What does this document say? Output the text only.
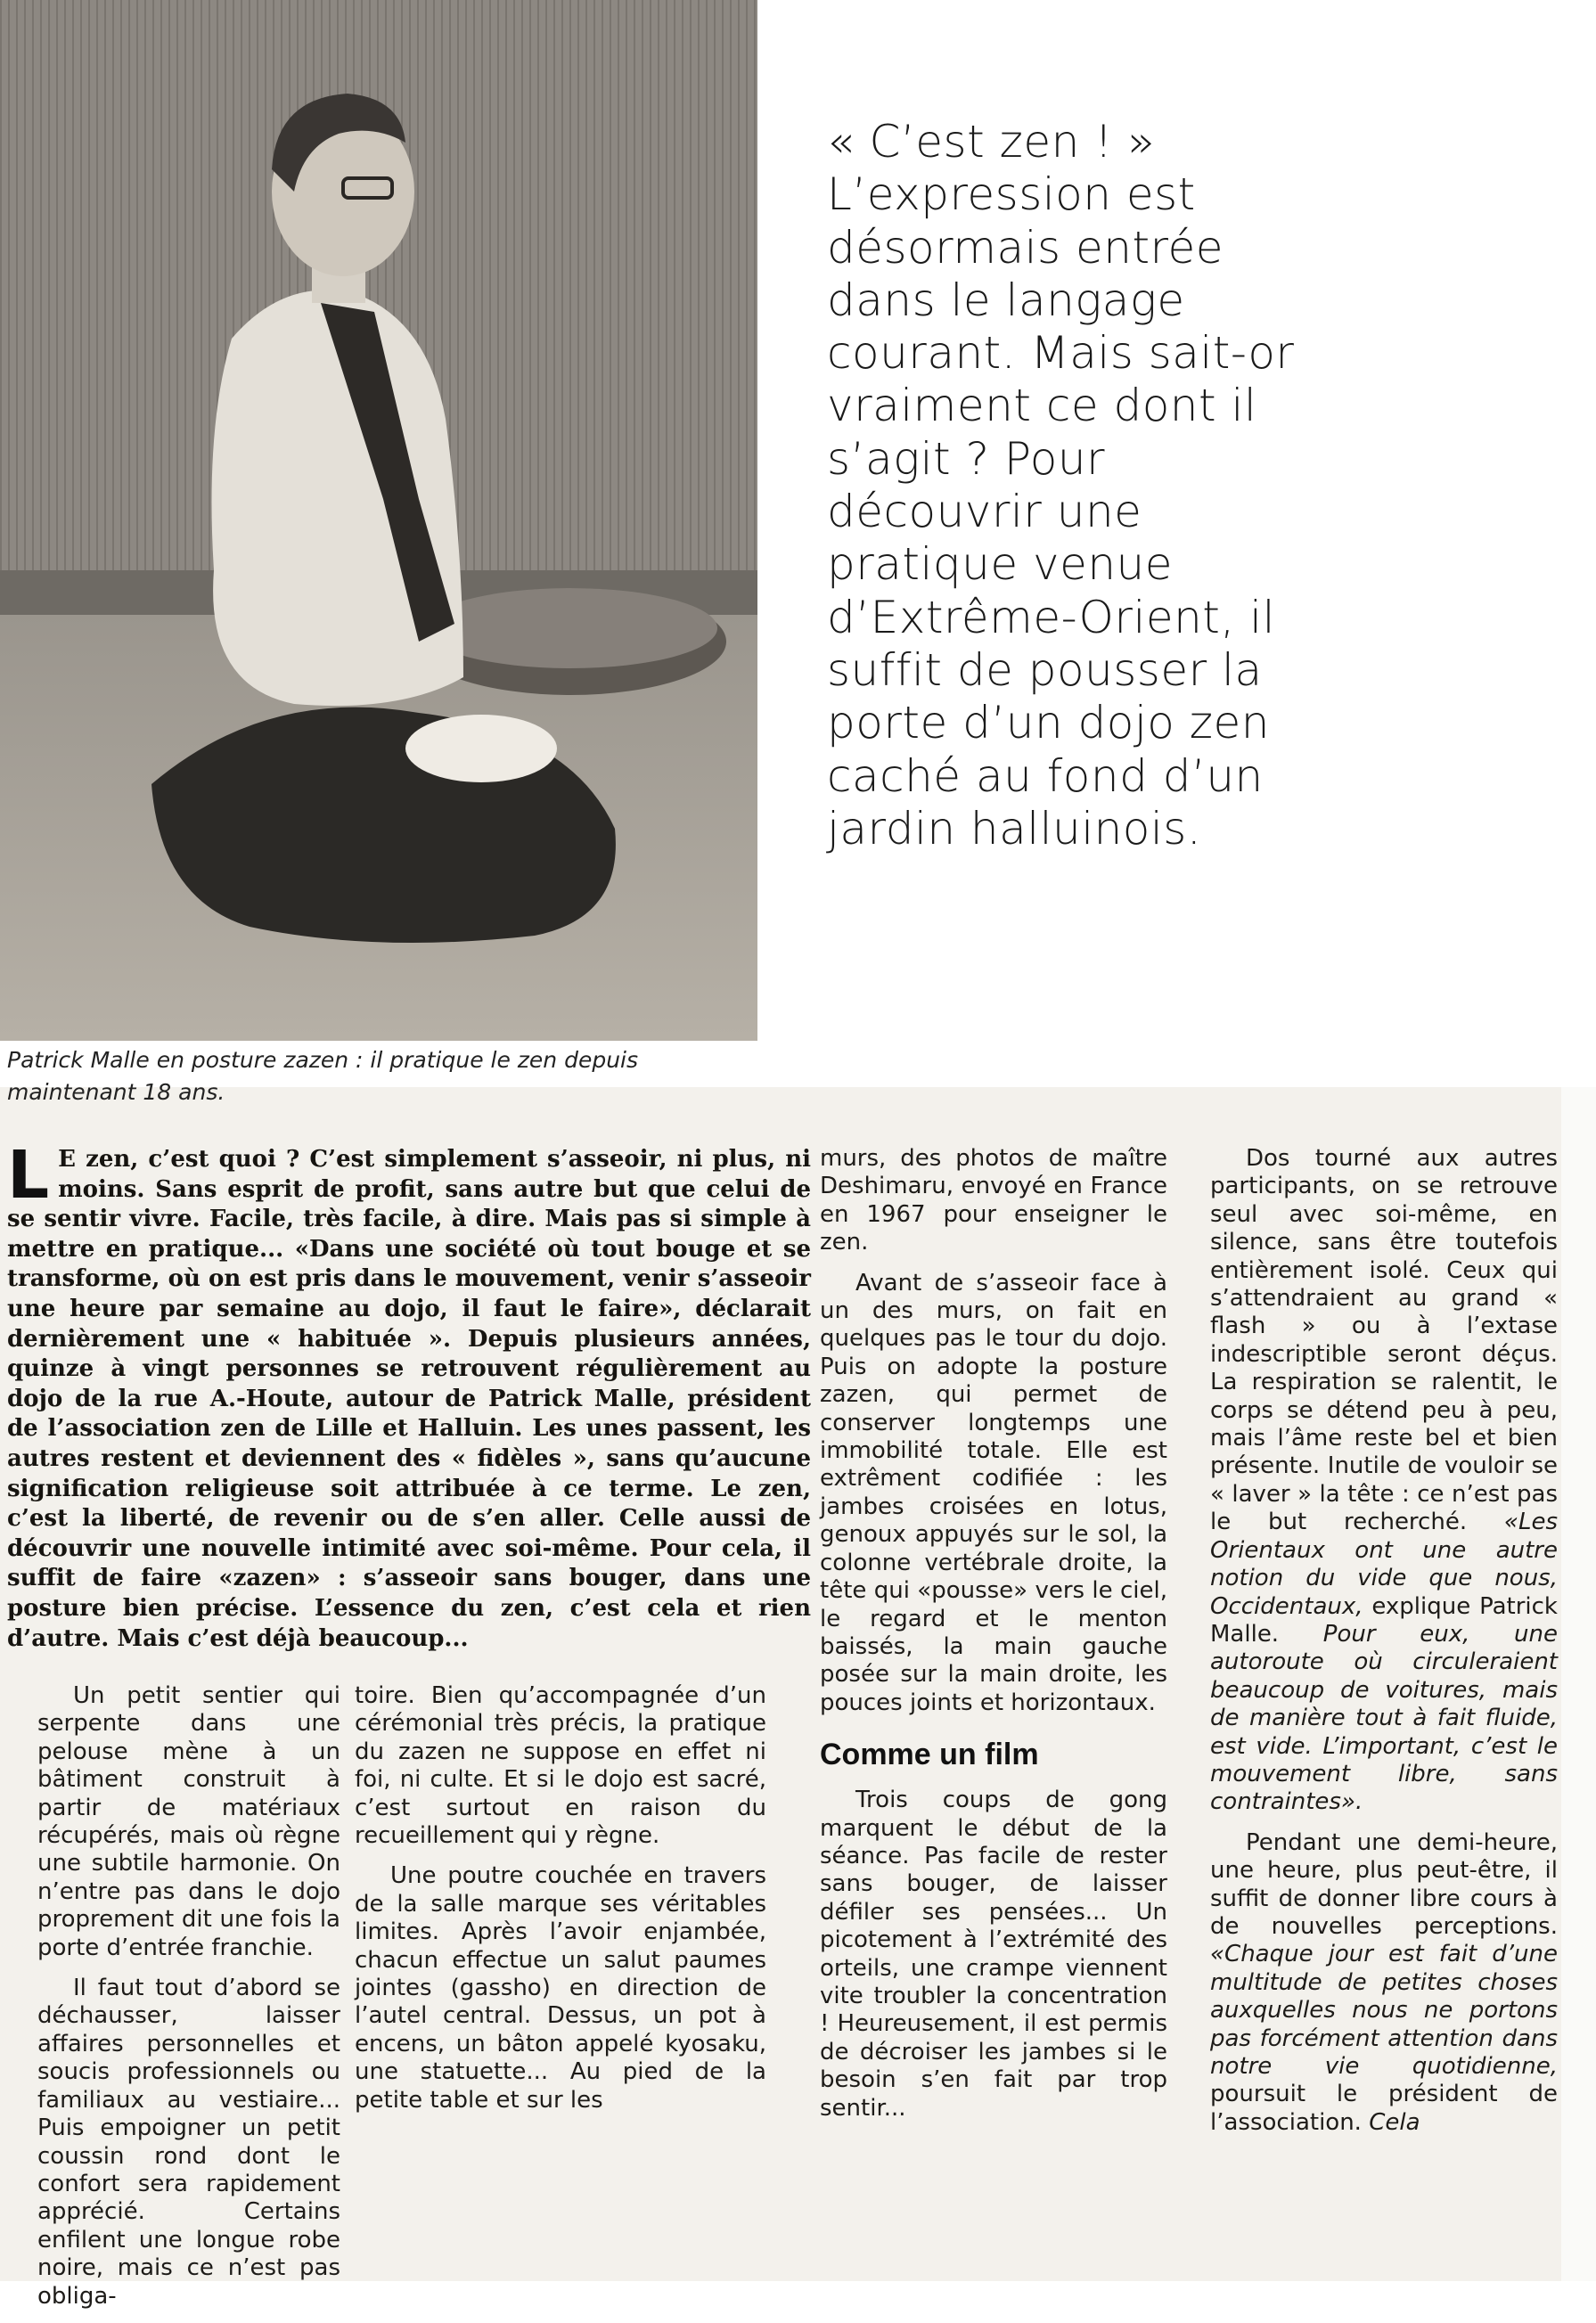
Patrick Malle en posture zazen : il pratique le zen depuis maintenant 18 ans.
« C’est zen ! »
L’expression est
désormais entrée
dans le langage
courant. Mais sait-or
vraiment ce dont il
s’agit ? Pour
découvrir une
pratique venue
d’Extrême-Orient, il
suffit de pousser la
porte d’un dojo zen
caché au fond d’un
jardin halluinois.
L E zen, c’est quoi ? C’est simplement s’asseoir, ni plus, ni moins. Sans esprit de profit, sans autre but que celui de se sentir vivre. Facile, très facile, à dire. Mais pas si simple à mettre en pratique... «Dans une société où tout bouge et se transforme, où on est pris dans le mouvement, venir s’asseoir une heure par semaine au dojo, il faut le faire», déclarait dernièrement une « habituée ». Depuis plusieurs années, quinze à vingt personnes se retrouvent régulièrement au dojo de la rue A.-Houte, autour de Patrick Malle, président de l’association zen de Lille et Halluin. Les unes passent, les autres restent et deviennent des « fidèles », sans qu’aucune signification religieuse soit attribuée à ce terme. Le zen, c’est la liberté, de revenir ou de s’en aller. Celle aussi de découvrir une nouvelle intimité avec soi-même. Pour cela, il suffit de faire «zazen» : s’asseoir sans bouger, dans une posture bien précise. L’essence du zen, c’est cela et rien d’autre. Mais c’est déjà beaucoup...

Un petit sentier qui serpente dans une pelouse mène à un bâtiment construit à partir de matériaux récupérés, mais où règne une subtile harmonie. On n’entre pas dans le dojo proprement dit une fois la porte d’entrée franchie.

Il faut tout d’abord se déchausser, laisser affaires personnelles et soucis professionnels ou familiaux au vestiaire... Puis empoigner un petit coussin rond dont le confort sera rapidement apprécié. Certains enfilent une longue robe noire, mais ce n’est pas obliga-

toire. Bien qu’accompagnée d’un cérémonial très précis, la pratique du zazen ne suppose en effet ni foi, ni culte. Et si le dojo est sacré, c’est surtout en raison du recueillement qui y règne.

Une poutre couchée en travers de la salle marque ses véritables limites. Après l’avoir enjambée, chacun effectue un salut paumes jointes (gassho) en direction de l’autel central. Dessus, un pot à encens, un bâton appelé kyosaku, une statuette... Au pied de la petite table et sur les

murs, des photos de maître Deshimaru, envoyé en France en 1967 pour enseigner le zen.

Avant de s’asseoir face à un des murs, on fait en quelques pas le tour du dojo. Puis on adopte la posture zazen, qui permet de conserver longtemps une immobilité totale. Elle est extrêment codifiée : les jambes croisées en lotus, genoux appuyés sur le sol, la colonne vertébrale droite, la tête qui «pousse» vers le ciel, le regard et le menton baissés, la main gauche posée sur la main droite, les pouces joints et horizontaux.

Comme un film

Trois coups de gong marquent le début de la séance. Pas facile de rester sans bouger, de laisser défiler ses pensées... Un picotement à l’extrémité des orteils, une crampe viennent vite troubler la concentration ! Heureusement, il est permis de décroiser les jambes si le besoin s’en fait par trop sentir...

Dos tourné aux autres participants, on se retrouve seul avec soi-même, en silence, sans être toutefois entièrement isolé. Ceux qui s’attendraient au grand « flash » ou à l’extase indescriptible seront déçus. La respiration se ralentit, le corps se détend peu à peu, mais l’âme reste bel et bien présente. Inutile de vouloir se « laver » la tête : ce n’est pas le but recherché. «Les Orientaux ont une autre notion du vide que nous, Occidentaux, explique Patrick Malle. Pour eux, une autoroute où circuleraient beaucoup de voitures, mais de manière tout à fait fluide, est vide. L’important, c’est le mouvement libre, sans contraintes».

Pendant une demi-heure, une heure, plus peut-être, il suffit de donner libre cours à de nouvelles perceptions. «Chaque jour est fait d’une multitude de petites choses auxquelles nous ne portons pas forcément attention dans notre vie quotidienne, poursuit le président de l’association. Cela
